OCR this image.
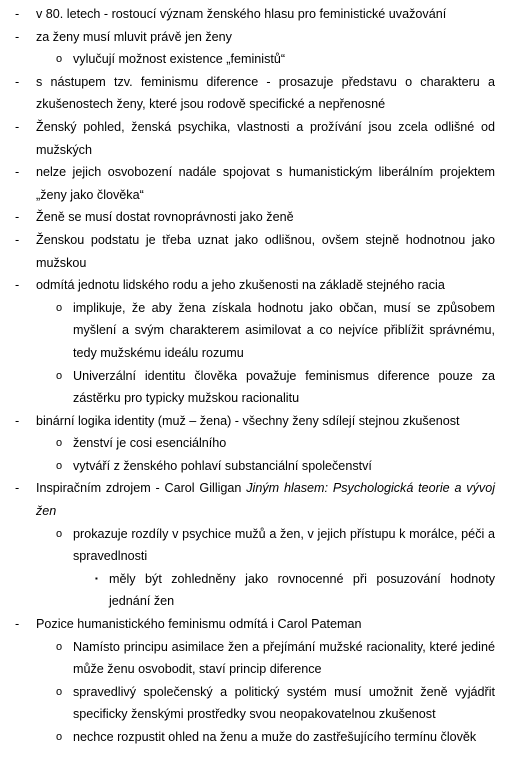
- v 80. letech - rostoucí význam ženského hlasu pro feministické uvažování
- za ženy musí mluvit právě jen ženy
o vylučují možnost existence „feministů“
- s nástupem tzv. feminismu diference - prosazuje představu o charakteru a zkušenostech ženy, které jsou rodově specifické a nepřenosné
- Ženský pohled, ženská psychika, vlastnosti a prožívání jsou zcela odlišné od mužských
- nelze jejich osvobození nadále spojovat s humanistickým liberálním projektem „ženy jako člověka“
- Ženě se musí dostat rovnoprávnosti jako ženě
- Ženskou podstatu je třeba uznat jako odlišnou, ovšem stejně hodnotnou jako mužskou
- odmítá jednotu lidského rodu a jeho zkušenosti na základě stejného racia
o implikuje, že aby žena získala hodnotu jako občan, musí se způsobem myšlení a svým charakterem asimilovat a co nejvíce přiblížit správnému, tedy mužskému ideálu rozumu
o Univerzální identitu člověka považuje feminismus diference pouze za zástěrku pro typicky mužskou racionalitu
- binární logika identity (muž – žena) - všechny ženy sdílejí stejnou zkušenost
o ženství je cosi esenciálního
o vytváří z ženského pohlaví substanciální společenství
- Inspiračním zdrojem - Carol Gilligan Jiným hlasem: Psychologická teorie a vývoj žen
o prokazuje rozdíly v psychice mužů a žen, v jejich přístupu k morálce, péči a spravedlnosti
▪ měly být zohledněny jako rovnocenné při posuzování hodnoty jednání žen
- Pozice humanistického feminismu odmítá i Carol Pateman
o Namísto principu asimilace žen a přejímání mužské racionality, které jediné může ženu osvobodit, staví princip diference
o spravedlivý společenský a politický systém musí umožnit ženě vyjádřit specificky ženskými prostředky svou neopakovatelnou zkušenost
o nechce rozpustit ohled na ženu a muže do zastřešujícího termínu člověk
